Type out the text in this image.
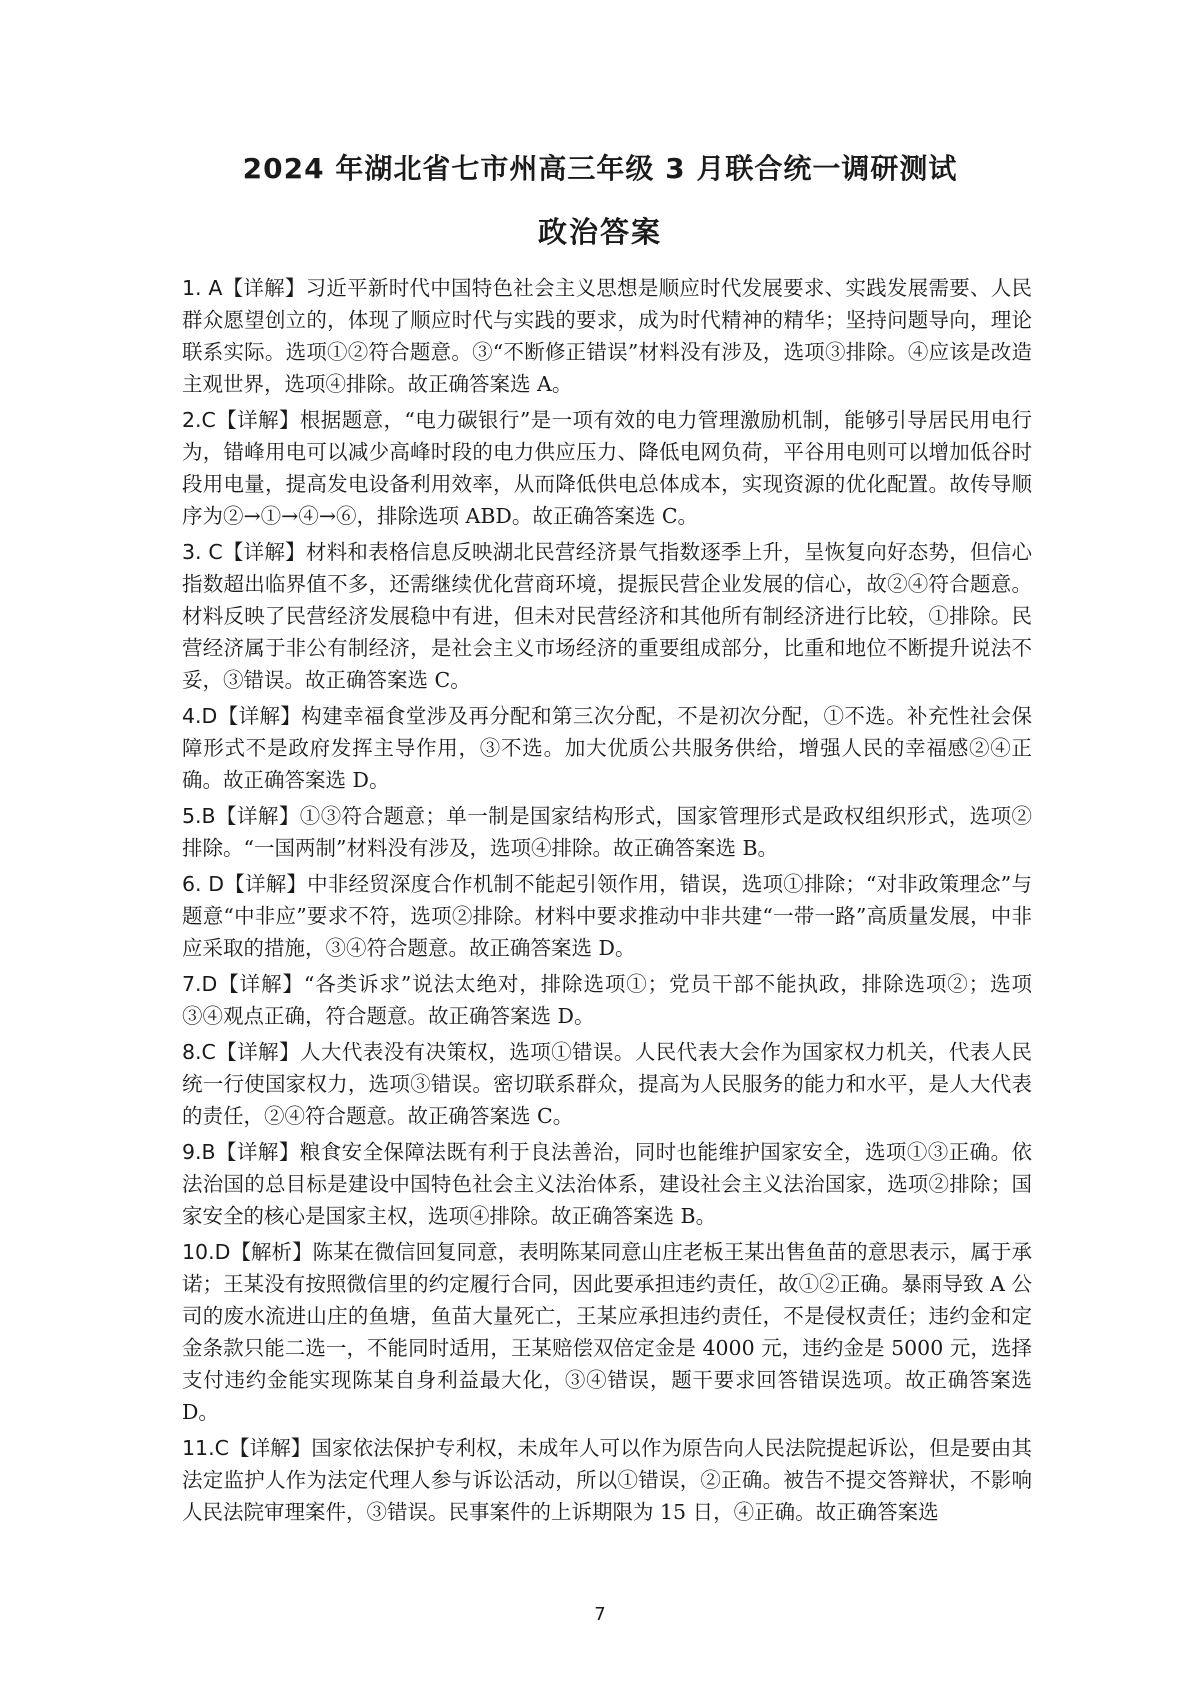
2024 年湖北省七市州高三年级 3 月联合统一调研测试
政治答案

1. A【详解】习近平新时代中国特色社会主义思想是顺应时代发展要求、实践发展需要、人民群众愿望创立的，体现了顺应时代与实践的要求，成为时代精神的精华；坚持问题导向，理论联系实际。选项①②符合题意。③“不断修正错误”材料没有涉及，选项③排除。④应该是改造主观世界，选项④排除。故正确答案选 A。

2.C【详解】根据题意，“电力碳银行”是一项有效的电力管理激励机制，能够引导居民用电行为，错峰用电可以减少高峰时段的电力供应压力、降低电网负荷，平谷用电则可以增加低谷时段用电量，提高发电设备利用效率，从而降低供电总体成本，实现资源的优化配置。故传导顺序为②→①→④→⑥，排除选项 ABD。故正确答案选 C。

3. C【详解】材料和表格信息反映湖北民营经济景气指数逐季上升，呈恢复向好态势，但信心指数超出临界值不多，还需继续优化营商环境，提振民营企业发展的信心，故②④符合题意。材料反映了民营经济发展稳中有进，但未对民营经济和其他所有制经济进行比较，①排除。民营经济属于非公有制经济，是社会主义市场经济的重要组成部分，比重和地位不断提升说法不妥，③错误。故正确答案选 C。

4.D【详解】构建幸福食堂涉及再分配和第三次分配，不是初次分配，①不选。补充性社会保障形式不是政府发挥主导作用，③不选。加大优质公共服务供给，增强人民的幸福感②④正确。故正确答案选 D。

5.B【详解】①③符合题意；单一制是国家结构形式，国家管理形式是政权组织形式，选项②排除。“一国两制”材料没有涉及，选项④排除。故正确答案选 B。

6. D【详解】中非经贸深度合作机制不能起引领作用，错误，选项①排除；“对非政策理念”与题意“中非应”要求不符，选项②排除。材料中要求推动中非共建“一带一路”高质量发展，中非应采取的措施，③④符合题意。故正确答案选 D。

7.D【详解】“各类诉求”说法太绝对，排除选项①；党员干部不能执政，排除选项②；选项③④观点正确，符合题意。故正确答案选 D。

8.C【详解】人大代表没有决策权，选项①错误。人民代表大会作为国家权力机关，代表人民统一行使国家权力，选项③错误。密切联系群众，提高为人民服务的能力和水平，是人大代表的责任，②④符合题意。故正确答案选 C。

9.B【详解】粮食安全保障法既有利于良法善治，同时也能维护国家安全，选项①③正确。依法治国的总目标是建设中国特色社会主义法治体系，建设社会主义法治国家，选项②排除；国家安全的核心是国家主权，选项④排除。故正确答案选 B。

10.D【解析】陈某在微信回复同意，表明陈某同意山庄老板王某出售鱼苗的意思表示，属于承诺；王某没有按照微信里的约定履行合同，因此要承担违约责任，故①②正确。暴雨导致 A 公司的废水流进山庄的鱼塘，鱼苗大量死亡，王某应承担违约责任，不是侵权责任；违约金和定金条款只能二选一，不能同时适用，王某赔偿双倍定金是 4000 元，违约金是 5000 元，选择支付违约金能实现陈某自身利益最大化，③④错误，题干要求回答错误选项。故正确答案选 D。

11.C【详解】国家依法保护专利权，未成年人可以作为原告向人民法院提起诉讼，但是要由其法定监护人作为法定代理人参与诉讼活动，所以①错误，②正确。被告不提交答辩状，不影响人民法院审理案件，③错误。民事案件的上诉期限为 15 日，④正确。故正确答案选

7
